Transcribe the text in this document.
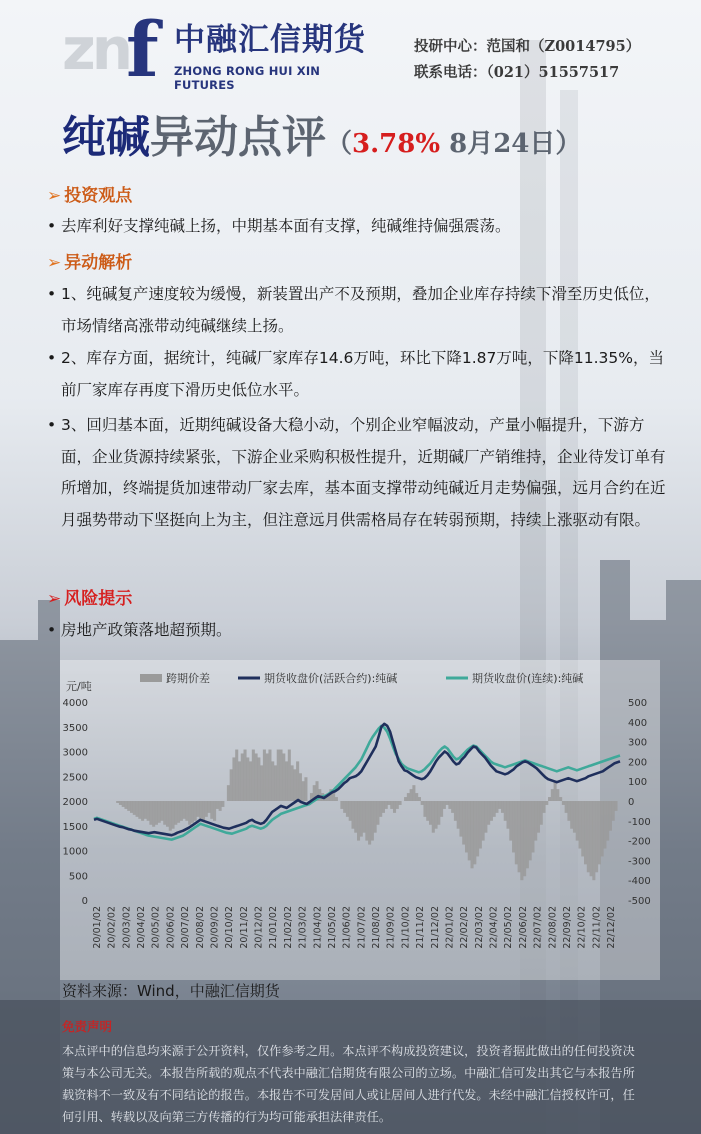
zn
f 中融汇信期货
ZHONG RONG HUI XIN FUTURES
投研中心：范国和（Z0014795）
联系电话：（021）51557517
纯碱异动点评（3.78% 8月24日）
➢ 投资观点
• 去库利好支撑纯碱上扬，中期基本面有支撑，纯碱维持偏强震荡。
➢ 异动解析
• 1、纯碱复产速度较为缓慢，新装置出产不及预期，叠加企业库存持续下滑至历史低位，市场情绪高涨带动纯碱继续上扬。
• 2、库存方面，据统计，纯碱厂家库存14.6万吨，环比下降1.87万吨，下降11.35%，当前厂家库存再度下滑历史低位水平。
• 3、回归基本面，近期纯碱设备大稳小动，个别企业窄幅波动，产量小幅提升，下游方面，企业货源持续紧张，下游企业采购积极性提升，近期碱厂产销维持，企业待发订单有所增加，终端提货加速带动厂家去库，基本面支撑带动纯碱近月走势偏强，远月合约在近月强势带动下坚挺向上为主，但注意远月供需格局存在转弱预期，持续上涨驱动有限。
➢ 风险提示
• 房地产政策落地超预期。
跨期价差	期货收盘价(活跃合约):纯碱	期货收盘价(连续):纯碱
元/吨
0
500
1000
1500
2000
2500
3000
3500
4000
-500
-400
-300
-200
-100
0
100
200
300
400
500
20/01/02 20/02/02 20/03/02 20/04/02 20/05/02 20/06/02 20/07/02 20/08/02 20/09/02 20/10/02 20/11/02 20/12/02 21/01/02 21/02/02 21/03/02 21/04/02 21/05/02 21/06/02 21/07/02 21/08/02 21/09/02 21/10/02 21/11/02 21/12/02 22/01/02 22/02/02 22/03/02 22/04/02 22/05/02 22/06/02 22/07/02 22/08/02 22/09/02 22/10/02 22/11/02 22/12/02
资料来源：Wind，中融汇信期货
免责声明
本点评中的信息均来源于公开资料，仅作参考之用。本点评不构成投资建议，投资者据此做出的任何投资决策与本公司无关。本报告所载的观点不代表中融汇信期货有限公司的立场。中融汇信可发出其它与本报告所载资料不一致及有不同结论的报告。本报告不可发居间人或让居间人进行代发。未经中融汇信授权许可，任何引用、转载以及向第三方传播的行为均可能承担法律责任。
